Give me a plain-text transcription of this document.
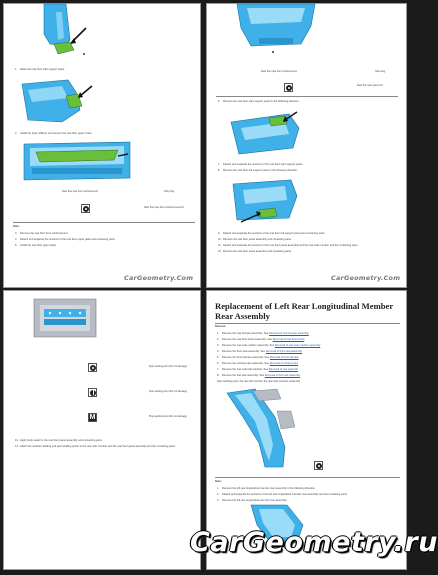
1. Raise the rear floor right support panel.
2. Install the body stiffener and remove the rear floor upper brace.
Rear floor pan front reinforcement	Hole plug
Rear floor pan front reinforcement left
Note:
3. Remove the rear floor front reinforcement.
4. Detach and separate the sections of the rear floor upper plate and contacting parts.
5. Install the rear floor upper plate.
CarGeometry.Com
Rear floor pan front reinforcement	Hole plug
Rear floor pan panel left
6. Remove the rear floor right support panel in the following direction.
7. Detach and separate the sections of the rear floor right support panel.
8. Remove the rear floor left support panel in the following direction.
9. Detach and separate the sections of the rear floor left support panel and contacting parts.
10.Remove the rear floor panel assembly and contacting parts.
11. Detach and separate the sections of the rear floor panel assembly and the rear side member and the contacting parts.
12.Remove the rear floor panel assembly and contacting parts.
CarGeometry.Com
Spot welding point (Do not damage)
Spot welding point (Do not damage)
M	Plug welding point (Do not damage)
13.Apply body sealer to the rear floor panel assembly and contacting parts.
14.Attach the weather welding and spot welding points to the rear side member and the rear floor panel assembly and the contacting parts.
Replacement of Left Rear Longitudinal Member Rear Assembly
Remove:
1. Remove the rear bumper assembly. See Removal of rear bumper assembly
2. Remove the rear floor board assembly. See Removal of rear floor board
3. Remove the rear seat cushion assembly. See Removal of rear seat cushion assembly
4. Remove the front seat assembly. See Removal of front seat assembly
5. Remove the front tail pipe assembly. See Removal of front tail pipe
6. Remove the exhaust pipe assembly. See Removal of exhaust pipe
7. Remove the rear seat belt retractor. See Removal of rear seat belt
8. Remove the fuel tank assembly. See Removal of fuel tank assembly
Spot welding point, the rear left member the rear side member assembly.
Note:
1. Remove the left rear longitudinal member rear assembly in the following direction.
2. Detach and separate the sections of the left rear longitudinal member rear assembly and the contacting parts.
3. Remove the left rear longitudinal member rear assembly.
CarGeometry.ru
